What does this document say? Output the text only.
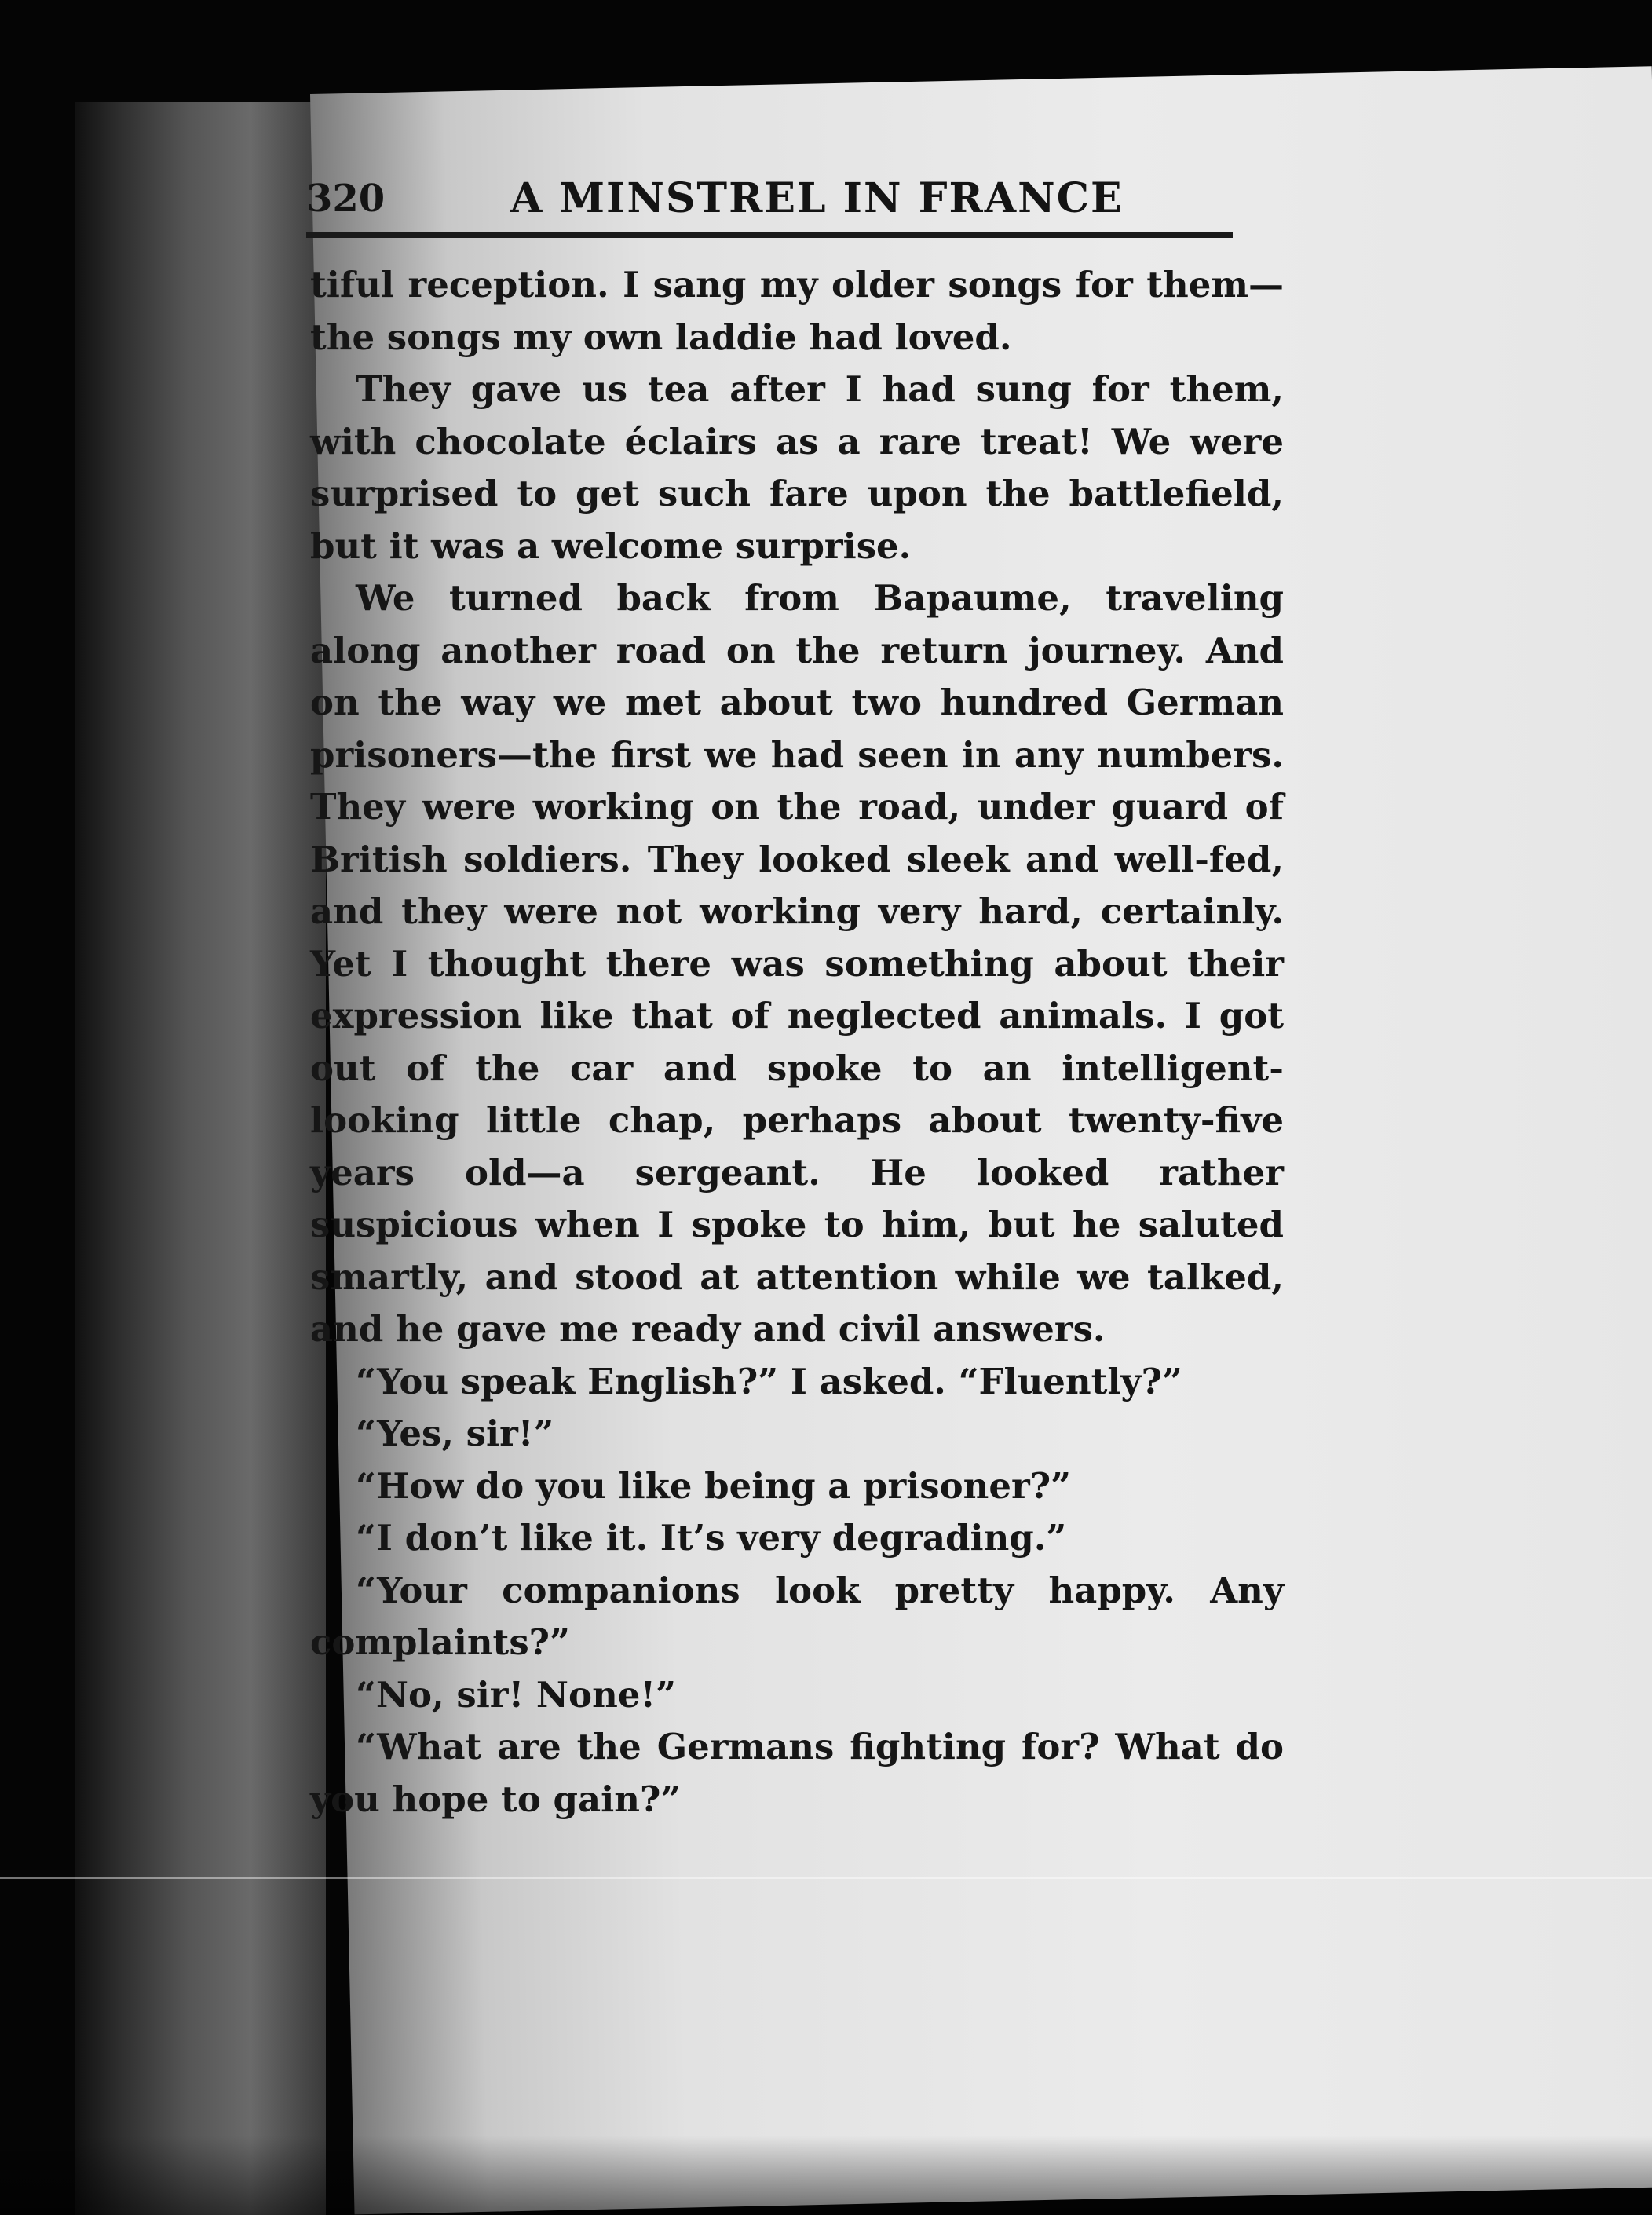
320	A MINSTREL IN FRANCE

tiful reception. I sang my older songs for them—the songs my own laddie had loved.

They gave us tea after I had sung for them, with chocolate éclairs as a rare treat! We were surprised to get such fare upon the battlefield, but it was a welcome surprise.

We turned back from Bapaume, traveling along another road on the return journey. And on the way we met about two hundred German prisoners—the first we had seen in any numbers. They were working on the road, under guard of British soldiers. They looked sleek and well-fed, and they were not working very hard, certainly. Yet I thought there was something about their expression like that of neglected animals. I got out of the car and spoke to an intelligent-looking little chap, perhaps about twenty-five years old—a sergeant. He looked rather suspicious when I spoke to him, but he saluted smartly, and stood at attention while we talked, and he gave me ready and civil answers.

“You speak English?” I asked. “Fluently?”

“Yes, sir!”

“How do you like being a prisoner?”

“I don’t like it. It’s very degrading.”

“Your companions look pretty happy. Any complaints?”

“No, sir! None!”

“What are the Germans fighting for? What do you hope to gain?”
